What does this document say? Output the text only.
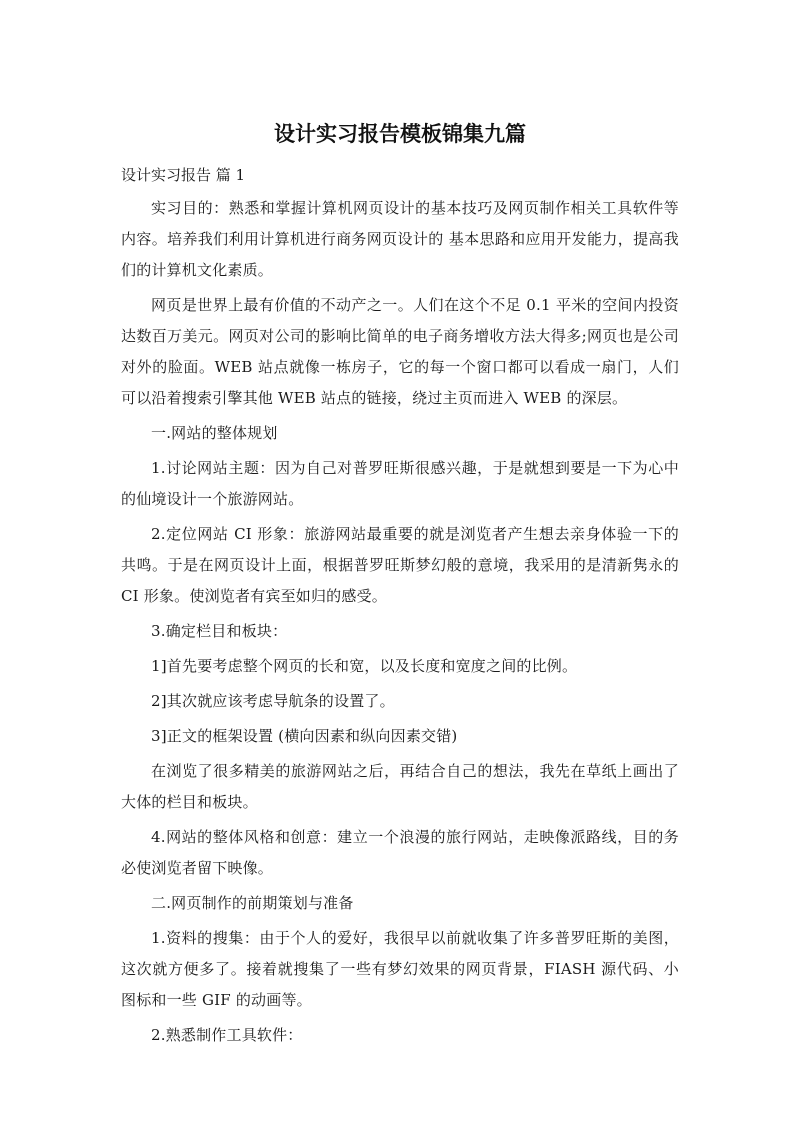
设计实习报告模板锦集九篇

设计实习报告 篇 1

实习目的：熟悉和掌握计算机网页设计的基本技巧及网页制作相关工具软件等内容。培养我们利用计算机进行商务网页设计的 基本思路和应用开发能力，提高我们的计算机文化素质。

网页是世界上最有价值的不动产之一。人们在这个不足 0.1 平米的空间内投资达数百万美元。网页对公司的影响比简单的电子商务增收方法大得多;网页也是公司对外的脸面。WEB 站点就像一栋房子，它的每一个窗口都可以看成一扇门，人们可以沿着搜索引擎其他 WEB 站点的链接，绕过主页而进入 WEB 的深层。

一.网站的整体规划

1.讨论网站主题：因为自己对普罗旺斯很感兴趣，于是就想到要是一下为心中的仙境设计一个旅游网站。

2.定位网站 CI 形象：旅游网站最重要的就是浏览者产生想去亲身体验一下的共鸣。于是在网页设计上面，根据普罗旺斯梦幻般的意境，我采用的是清新隽永的 CI 形象。使浏览者有宾至如归的感受。

3.确定栏目和板块：

1]首先要考虑整个网页的长和宽，以及长度和宽度之间的比例。

2]其次就应该考虑导航条的设置了。

3]正文的框架设置 (横向因素和纵向因素交错)

在浏览了很多精美的旅游网站之后，再结合自己的想法，我先在草纸上画出了大体的栏目和板块。

4.网站的整体风格和创意：建立一个浪漫的旅行网站，走映像派路线，目的务必使浏览者留下映像。

二.网页制作的前期策划与准备

1.资料的搜集：由于个人的爱好，我很早以前就收集了许多普罗旺斯的美图，这次就方便多了。接着就搜集了一些有梦幻效果的网页背景，FIASH 源代码、小图标和一些 GIF 的动画等。

2.熟悉制作工具软件：
